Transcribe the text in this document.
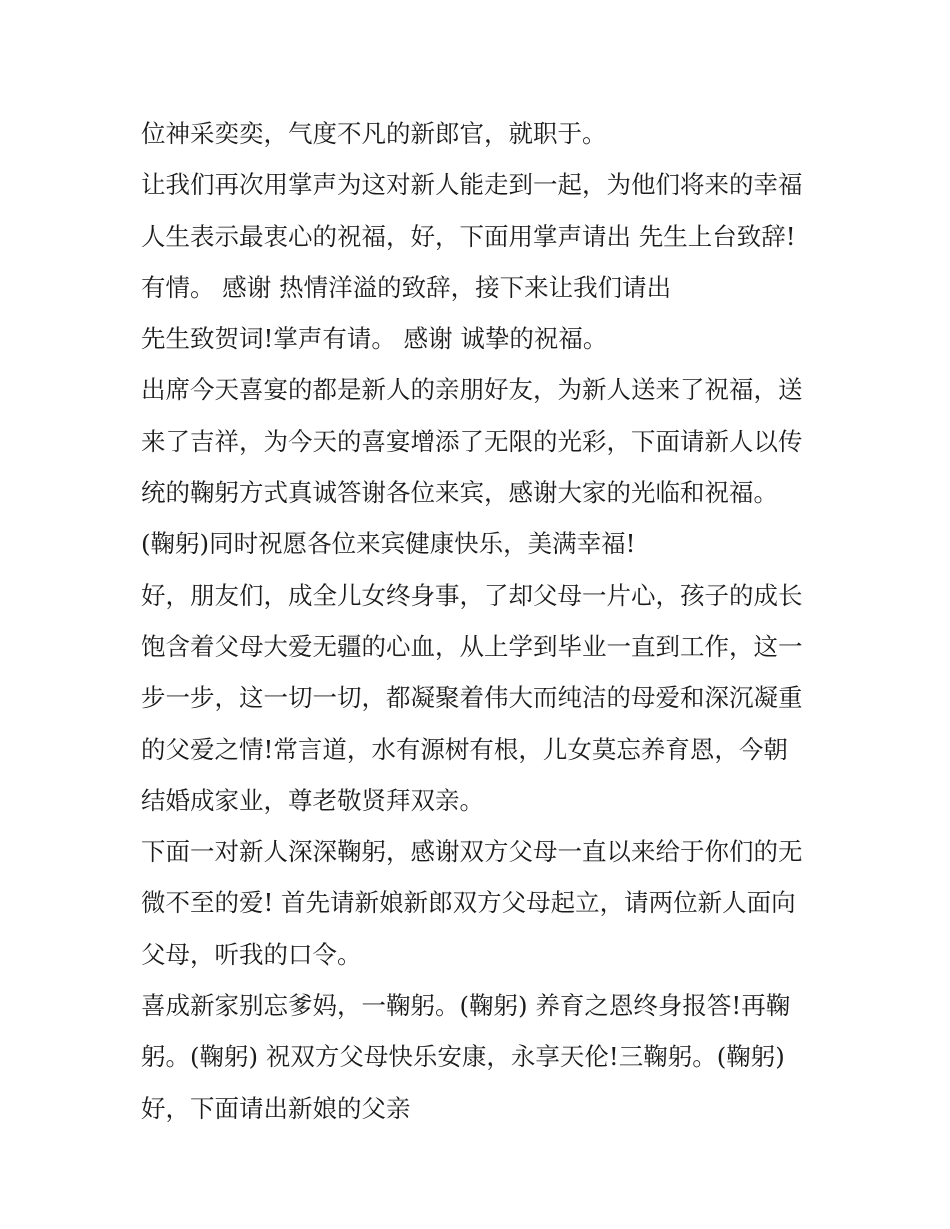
位神采奕奕，气度不凡的新郎官，就职于。
让我们再次用掌声为这对新人能走到一起，为他们将来的幸福
人生表示最衷心的祝福，好，下面用掌声请出 先生上台致辞!
有情。 感谢 热情洋溢的致辞，接下来让我们请出
先生致贺词!掌声有请。 感谢 诚挚的祝福。
出席今天喜宴的都是新人的亲朋好友，为新人送来了祝福，送
来了吉祥，为今天的喜宴增添了无限的光彩，下面请新人以传
统的鞠躬方式真诚答谢各位来宾，感谢大家的光临和祝福。
(鞠躬)同时祝愿各位来宾健康快乐，美满幸福!
好，朋友们，成全儿女终身事，了却父母一片心，孩子的成长
饱含着父母大爱无疆的心血，从上学到毕业一直到工作，这一
步一步，这一切一切，都凝聚着伟大而纯洁的母爱和深沉凝重
的父爱之情!常言道，水有源树有根，儿女莫忘养育恩，今朝
结婚成家业，尊老敬贤拜双亲。
下面一对新人深深鞠躬，感谢双方父母一直以来给于你们的无
微不至的爱! 首先请新娘新郎双方父母起立，请两位新人面向
父母，听我的口令。
喜成新家别忘爹妈，一鞠躬。(鞠躬) 养育之恩终身报答!再鞠
躬。(鞠躬) 祝双方父母快乐安康，永享天伦!三鞠躬。(鞠躬)
好，下面请出新娘的父亲
